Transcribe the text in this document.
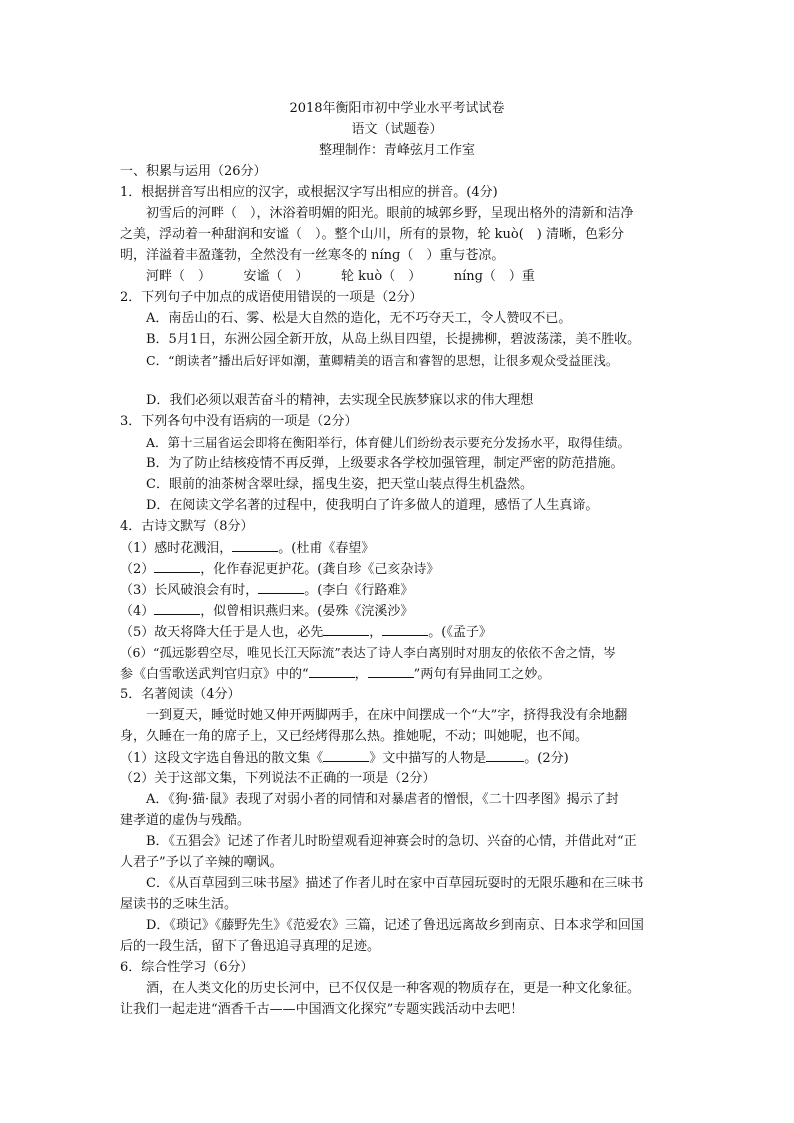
2018年衡阳市初中学业水平考试试卷
语文（试题卷）
整理制作：青峰弦月工作室
一、积累与运用（26分）
1．根据拼音写出相应的汉字，或根据汉字写出相应的拼音。(4分)
初雪后的河畔（　），沐浴着明媚的阳光。眼前的城郭乡野，呈现出格外的清新和洁净
之美，浮动着一种甜润和安谧（　）。整个山川，所有的景物，轮 kuò(　) 清晰，色彩分
明，洋溢着丰盈蓬勃，全然没有一丝寒冬的 nínɡ（　）重与苍凉。
河畔（　）　　　安谧（　）　　　轮 kuò（　）　　　nínɡ（　）重
2．下列句子中加点的成语使用错误的一项是（2分）
A．南岳山的石、雾、松是大自然的造化，无不巧夺天工，令人赞叹不已。
B．5月1日，东洲公园全新开放，从岛上纵目四望，长提拂柳，碧波荡漾，美不胜收。
C．“朗读者”播出后好评如潮，董卿精美的语言和睿智的思想，让很多观众受益匪浅。
D．我们必须以艰苦奋斗的精神，去实现全民族梦寐以求的伟大理想
3．下列各句中没有语病的一项是（2分）
A．第十三届省运会即将在衡阳举行，体育健儿们纷纷表示要充分发扬水平，取得佳绩。
B．为了防止结核疫情不再反弹，上级要求各学校加强管理，制定严密的防范措施。
C．眼前的油茶树含翠吐绿，摇曳生姿，把天堂山装点得生机盎然。
D．在阅读文学名著的过程中，使我明白了许多做人的道理，感悟了人生真谛。
4．古诗文默写（8分）
（1）感时花溅泪，	。(杜甫《春望》
（2）	，化作春泥更护花。(龚自珍《己亥杂诗》
（3）长风破浪会有时，	。(李白《行路难》
（4）	，似曾相识燕归来。(晏殊《浣溪沙》
（5）故天将降大任于是人也，必先	，	。(《孟子》
（6）“孤远影碧空尽，唯见长江天际流”表达了诗人李白离别时对朋友的依依不舍之情，岑
参《白雪歌送武判官归京》中的“	，	”两句有异曲同工之妙。
5．名著阅读（4分）
一到夏天，睡觉时她又伸开两脚两手，在床中间摆成一个“大”字，挤得我没有余地翻
身，久睡在一角的席子上，又已经烤得那么热。推她呢，不动；叫她呢，也不闻。
（1）这段文字选自鲁迅的散文集《	》文中描写的人物是	。(2分)
（2）关于这部文集，下列说法不正确的一项是（2分）
A．《狗·猫·鼠》表现了对弱小者的同情和对暴虐者的憎恨，《二十四孝图》揭示了封
建孝道的虚伪与残酷。
B．《五猖会》记述了作者儿时盼望观看迎神赛会时的急切、兴奋的心情，并借此对“正
人君子”予以了辛辣的嘲讽。
C．《从百草园到三味书屋》描述了作者儿时在家中百草园玩耍时的无限乐趣和在三味书
屋读书的乏味生活。
D．《琐记》《藤野先生》《范爱农》三篇，记述了鲁迅远离故乡到南京、日本求学和回国
后的一段生活，留下了鲁迅追寻真理的足迹。
6．综合性学习（6分）
酒，在人类文化的历史长河中，已不仅仅是一种客观的物质存在，更是一种文化象征。
让我们一起走进“酒香千古——中国酒文化探究”专题实践活动中去吧！
